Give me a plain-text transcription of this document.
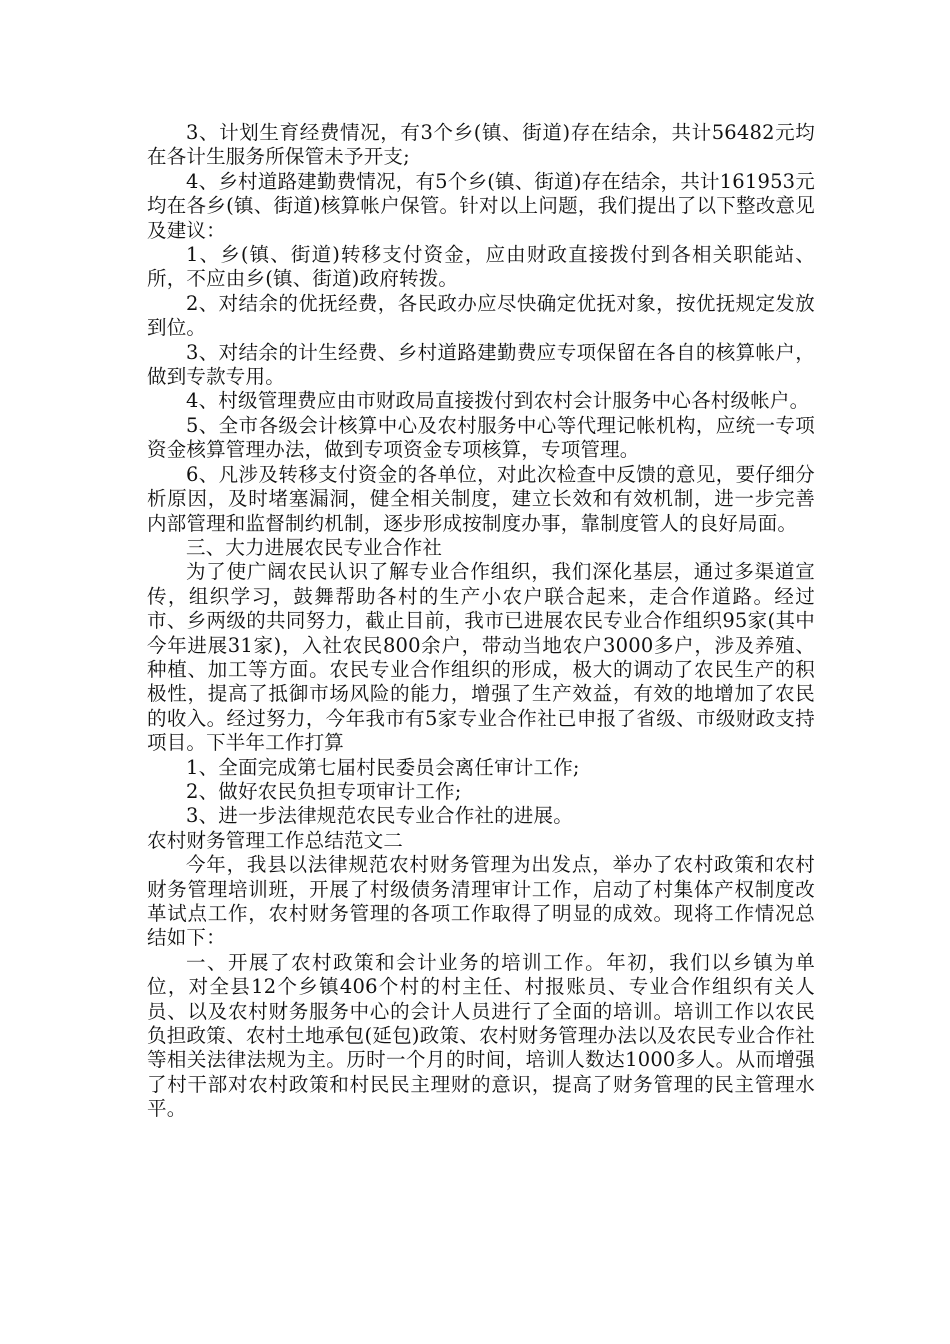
3、计划生育经费情况，有3个乡(镇、街道)存在结余，共计56482元均在各计生服务所保管未予开支;

4、乡村道路建勤费情况，有5个乡(镇、街道)存在结余，共计161953元均在各乡(镇、街道)核算帐户保管。针对以上问题，我们提出了以下整改意见及建议：

1、乡(镇、街道)转移支付资金，应由财政直接拨付到各相关职能站、所，不应由乡(镇、街道)政府转拨。

2、对结余的优抚经费，各民政办应尽快确定优抚对象，按优抚规定发放到位。

3、对结余的计生经费、乡村道路建勤费应专项保留在各自的核算帐户，做到专款专用。

4、村级管理费应由市财政局直接拨付到农村会计服务中心各村级帐户。

5、全市各级会计核算中心及农村服务中心等代理记帐机构，应统一专项资金核算管理办法，做到专项资金专项核算，专项管理。

6、凡涉及转移支付资金的各单位，对此次检查中反馈的意见，要仔细分析原因，及时堵塞漏洞，健全相关制度，建立长效和有效机制，进一步完善内部管理和监督制约机制，逐步形成按制度办事，靠制度管人的良好局面。

三、大力进展农民专业合作社

为了使广阔农民认识了解专业合作组织，我们深化基层，通过多渠道宣传，组织学习，鼓舞帮助各村的生产小农户联合起来，走合作道路。经过市、乡两级的共同努力，截止目前，我市已进展农民专业合作组织95家(其中今年进展31家)，入社农民800余户，带动当地农户3000多户，涉及养殖、种植、加工等方面。农民专业合作组织的形成，极大的调动了农民生产的积极性，提高了抵御市场风险的能力，增强了生产效益，有效的地增加了农民的收入。经过努力，今年我市有5家专业合作社已申报了省级、市级财政支持项目。下半年工作打算

1、全面完成第七届村民委员会离任审计工作;

2、做好农民负担专项审计工作;

3、进一步法律规范农民专业合作社的进展。

农村财务管理工作总结范文二

今年，我县以法律规范农村财务管理为出发点，举办了农村政策和农村财务管理培训班，开展了村级债务清理审计工作，启动了村集体产权制度改革试点工作，农村财务管理的各项工作取得了明显的成效。现将工作情况总结如下：

一、开展了农村政策和会计业务的培训工作。年初，我们以乡镇为单位，对全县12个乡镇406个村的村主任、村报账员、专业合作组织有关人员、以及农村财务服务中心的会计人员进行了全面的培训。培训工作以农民负担政策、农村土地承包(延包)政策、农村财务管理办法以及农民专业合作社等相关法律法规为主。历时一个月的时间，培训人数达1000多人。从而增强了村干部对农村政策和村民民主理财的意识，提高了财务管理的民主管理水平。
